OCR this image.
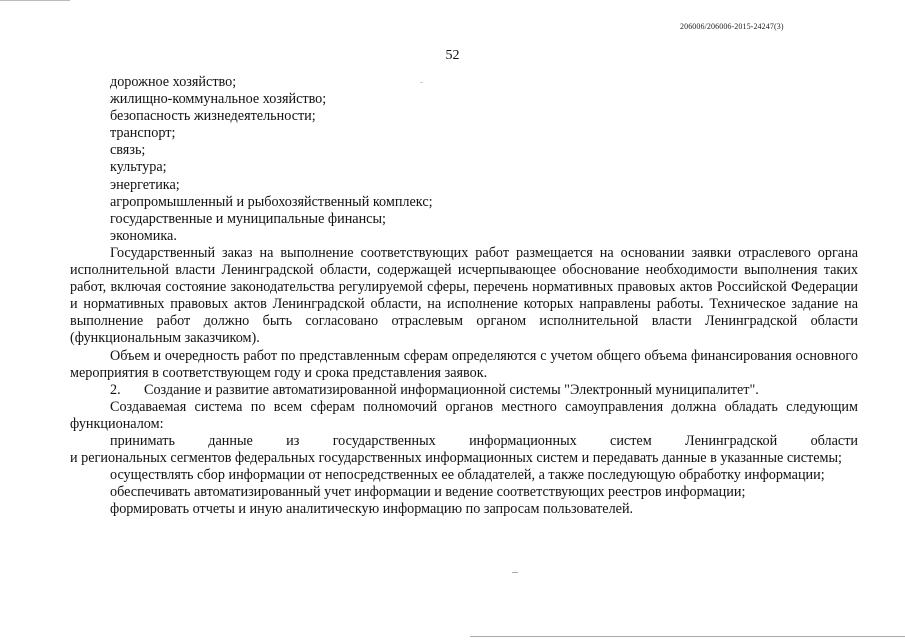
206006/206006-2015-24247(3)
52

дорожное хозяйство;

жилищно-коммунальное хозяйство;

безопасность жизнедеятельности;

транспорт;

связь;

культура;

энергетика;

агропромышленный и рыбохозяйственный комплекс;

государственные и муниципальные финансы;

экономика.

Государственный заказ на выполнение соответствующих работ размещается на основании заявки отраслевого органа исполнительной власти Ленинградской области, содержащей исчерпывающее обоснование необходимости выполнения таких работ, включая состояние законодательства регулируемой сферы, перечень нормативных правовых актов Российской Федерации и нормативных правовых актов Ленинградской области, на исполнение которых направлены работы. Техническое задание на выполнение работ должно быть согласовано отраслевым органом исполнительной власти Ленинградской области (функциональным заказчиком).

Объем и очередность работ по представленным сферам определяются с учетом общего объема финансирования основного мероприятия в соответствующем году и срока представления заявок.

2. Создание и развитие автоматизированной информационной системы "Электронный муниципалитет".

Создаваемая система по всем сферам полномочий органов местного самоуправления должна обладать следующим функционалом:

принимать данные из государственных информационных систем Ленинградской области

и региональных сегментов федеральных государственных информационных систем и передавать данные в указанные системы;

осуществлять сбор информации от непосредственных ее обладателей, а также последующую обработку информации;

обеспечивать автоматизированный учет информации и ведение соответствующих реестров информации;

формировать отчеты и иную аналитическую информацию по запросам пользователей.
